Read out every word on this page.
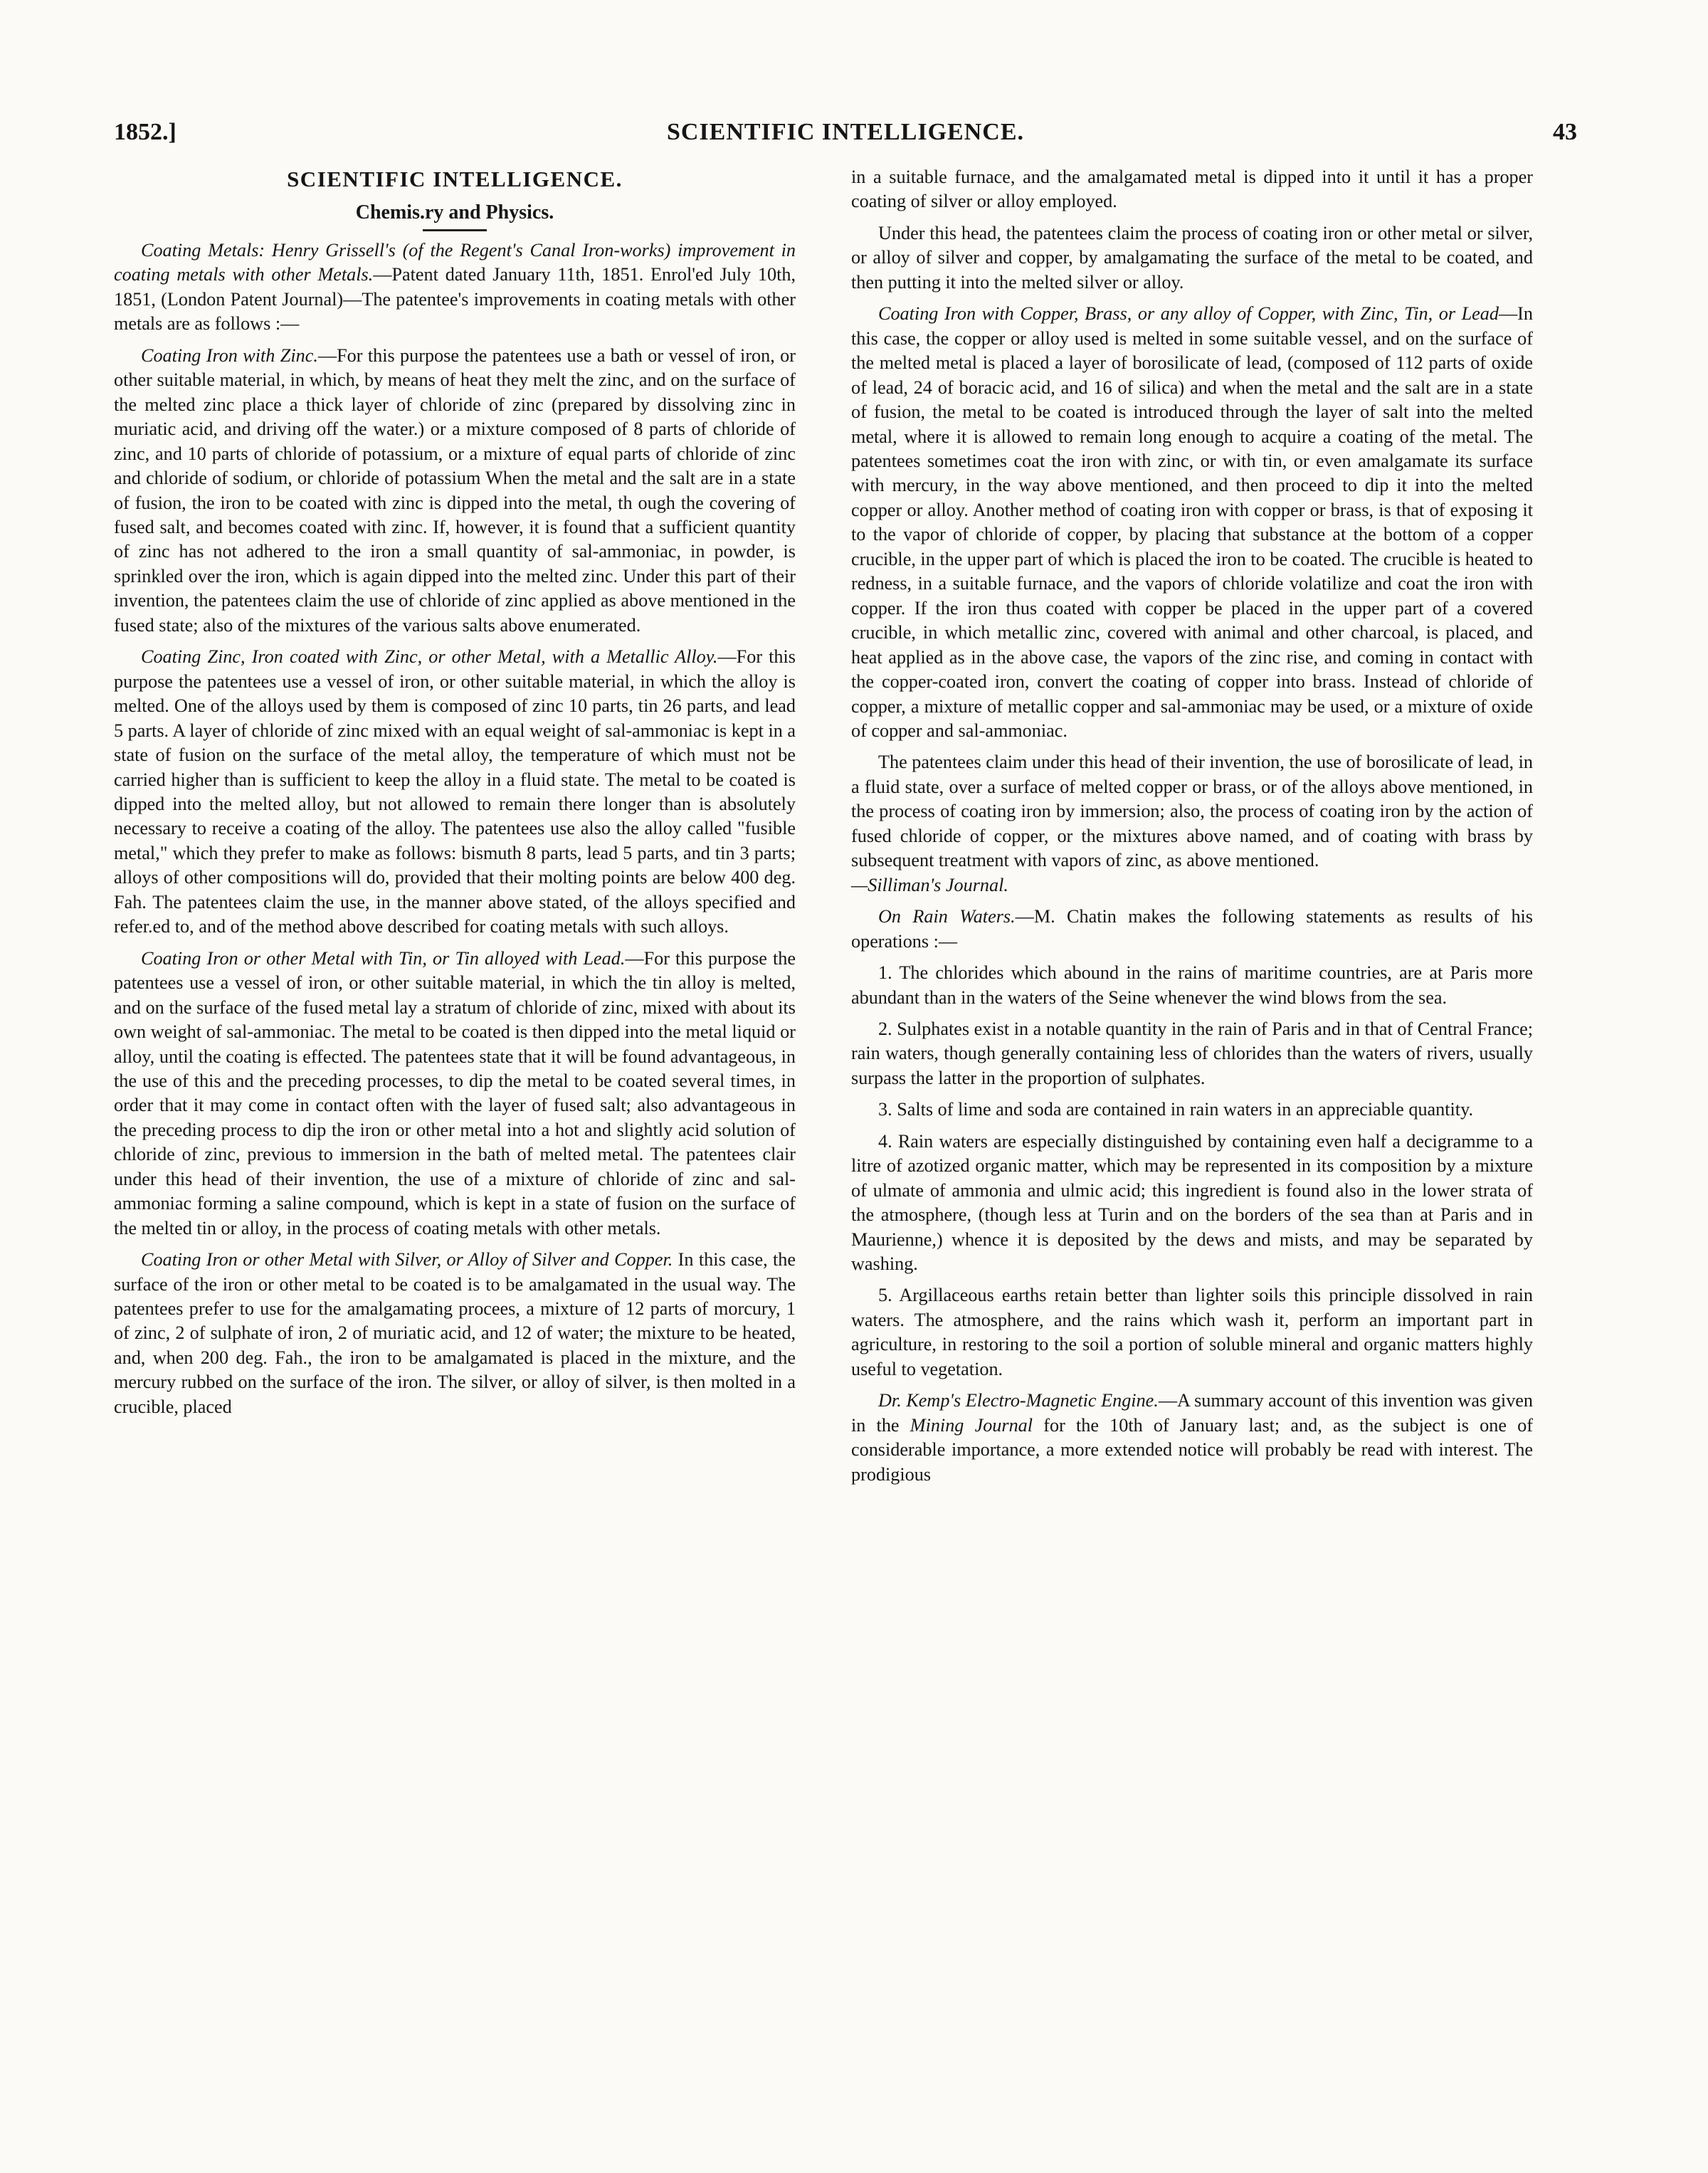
1852.]	SCIENTIFIC INTELLIGENCE.	43
SCIENTIFIC INTELLIGENCE.
Chemis.ry and Physics.

Coating Metals: Henry Grissell's (of the Regent's Canal Iron-works) improvement in coating metals with other Metals.—Patent dated January 11th, 1851. Enrol'ed July 10th, 1851, (London Patent Journal)—The patentee's improvements in coating metals with other metals are as follows :—

Coating Iron with Zinc.—For this purpose the patentees use a bath or vessel of iron, or other suitable material, in which, by means of heat they melt the zinc, and on the surface of the melted zinc place a thick layer of chloride of zinc (prepared by dissolving zinc in muriatic acid, and driving off the water.) or a mixture composed of 8 parts of chloride of zinc, and 10 parts of chloride of potassium, or a mixture of equal parts of chloride of zinc and chloride of sodium, or chloride of potassium When the metal and the salt are in a state of fusion, the iron to be coated with zinc is dipped into the metal, th ough the covering of fused salt, and becomes coated with zinc. If, however, it is found that a sufficient quantity of zinc has not adhered to the iron a small quantity of sal-ammoniac, in powder, is sprinkled over the iron, which is again dipped into the melted zinc. Under this part of their invention, the patentees claim the use of chloride of zinc applied as above mentioned in the fused state; also of the mixtures of the various salts above enumerated.

Coating Zinc, Iron coated with Zinc, or other Metal, with a Metallic Alloy.—For this purpose the patentees use a vessel of iron, or other suitable material, in which the alloy is melted. One of the alloys used by them is composed of zinc 10 parts, tin 26 parts, and lead 5 parts. A layer of chloride of zinc mixed with an equal weight of sal-ammoniac is kept in a state of fusion on the surface of the metal alloy, the temperature of which must not be carried higher than is sufficient to keep the alloy in a fluid state. The metal to be coated is dipped into the melted alloy, but not allowed to remain there longer than is absolutely necessary to receive a coating of the alloy. The patentees use also the alloy called "fusible metal," which they prefer to make as follows: bismuth 8 parts, lead 5 parts, and tin 3 parts; alloys of other compositions will do, provided that their molting points are below 400 deg. Fah. The patentees claim the use, in the manner above stated, of the alloys specified and refer.ed to, and of the method above described for coating metals with such alloys.

Coating Iron or other Metal with Tin, or Tin alloyed with Lead.—For this purpose the patentees use a vessel of iron, or other suitable material, in which the tin alloy is melted, and on the surface of the fused metal lay a stratum of chloride of zinc, mixed with about its own weight of sal-ammoniac. The metal to be coated is then dipped into the metal liquid or alloy, until the coating is effected. The patentees state that it will be found advantageous, in the use of this and the preceding processes, to dip the metal to be coated several times, in order that it may come in contact often with the layer of fused salt; also advantageous in the preceding process to dip the iron or other metal into a hot and slightly acid solution of chloride of zinc, previous to immersion in the bath of melted metal. The patentees clair under this head of their invention, the use of a mixture of chloride of zinc and sal-ammoniac forming a saline compound, which is kept in a state of fusion on the surface of the melted tin or alloy, in the process of coating metals with other metals.

Coating Iron or other Metal with Silver, or Alloy of Silver and Copper. In this case, the surface of the iron or other metal to be coated is to be amalgamated in the usual way. The patentees prefer to use for the amalgamating procees, a mixture of 12 parts of morcury, 1 of zinc, 2 of sulphate of iron, 2 of muriatic acid, and 12 of water; the mixture to be heated, and, when 200 deg. Fah., the iron to be amalgamated is placed in the mixture, and the mercury rubbed on the surface of the iron. The silver, or alloy of silver, is then molted in a crucible, placed

in a suitable furnace, and the amalgamated metal is dipped into it until it has a proper coating of silver or alloy employed.

Under this head, the patentees claim the process of coating iron or other metal or silver, or alloy of silver and copper, by amalgamating the surface of the metal to be coated, and then putting it into the melted silver or alloy.

Coating Iron with Copper, Brass, or any alloy of Copper, with Zinc, Tin, or Lead—In this case, the copper or alloy used is melted in some suitable vessel, and on the surface of the melted metal is placed a layer of borosilicate of lead, (composed of 112 parts of oxide of lead, 24 of boracic acid, and 16 of silica) and when the metal and the salt are in a state of fusion, the metal to be coated is introduced through the layer of salt into the melted metal, where it is allowed to remain long enough to acquire a coating of the metal. The patentees sometimes coat the iron with zinc, or with tin, or even amalgamate its surface with mercury, in the way above mentioned, and then proceed to dip it into the melted copper or alloy. Another method of coating iron with copper or brass, is that of exposing it to the vapor of chloride of copper, by placing that substance at the bottom of a copper crucible, in the upper part of which is placed the iron to be coated. The crucible is heated to redness, in a suitable furnace, and the vapors of chloride volatilize and coat the iron with copper. If the iron thus coated with copper be placed in the upper part of a covered crucible, in which metallic zinc, covered with animal and other charcoal, is placed, and heat applied as in the above case, the vapors of the zinc rise, and coming in contact with the copper-coated iron, convert the coating of copper into brass. Instead of chloride of copper, a mixture of metallic copper and sal-ammoniac may be used, or a mixture of oxide of copper and sal-ammoniac.

The patentees claim under this head of their invention, the use of borosilicate of lead, in a fluid state, over a surface of melted copper or brass, or of the alloys above mentioned, in the process of coating iron by immersion; also, the process of coating iron by the action of fused chloride of copper, or the mixtures above named, and of coating with brass by subsequent treatment with vapors of zinc, as above mentioned.
—Silliman's Journal.

On Rain Waters.—M. Chatin makes the following statements as results of his operations :—

1. The chlorides which abound in the rains of maritime countries, are at Paris more abundant than in the waters of the Seine whenever the wind blows from the sea.

2. Sulphates exist in a notable quantity in the rain of Paris and in that of Central France; rain waters, though generally containing less of chlorides than the waters of rivers, usually surpass the latter in the proportion of sulphates.

3. Salts of lime and soda are contained in rain waters in an appreciable quantity.

4. Rain waters are especially distinguished by containing even half a decigramme to a litre of azotized organic matter, which may be represented in its composition by a mixture of ulmate of ammonia and ulmic acid; this ingredient is found also in the lower strata of the atmosphere, (though less at Turin and on the borders of the sea than at Paris and in Maurienne,) whence it is deposited by the dews and mists, and may be separated by washing.

5. Argillaceous earths retain better than lighter soils this principle dissolved in rain waters. The atmosphere, and the rains which wash it, perform an important part in agriculture, in restoring to the soil a portion of soluble mineral and organic matters highly useful to vegetation.

Dr. Kemp's Electro-Magnetic Engine.—A summary account of this invention was given in the Mining Journal for the 10th of January last; and, as the subject is one of considerable importance, a more extended notice will probably be read with interest. The prodigious
